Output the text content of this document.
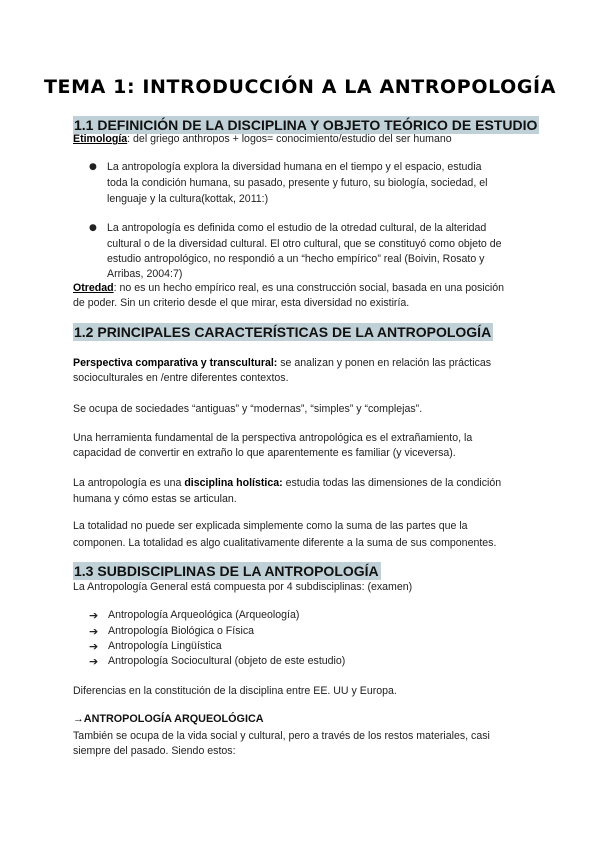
TEMA 1: INTRODUCCIÓN A LA ANTROPOLOGÍA
1.1 DEFINICIÓN DE LA DISCIPLINA Y OBJETO TEÓRICO DE ESTUDIO
Etimología: del griego anthropos + logos= conocimiento/estudio del ser humano
● La antropología explora la diversidad humana en el tiempo y el espacio, estudia
toda la condición humana, su pasado, presente y futuro, su biología, sociedad, el
lenguaje y la cultura(kottak, 2011:)
● La antropología es definida como el estudio de la otredad cultural, de la alteridad
cultural o de la diversidad cultural. El otro cultural, que se constituyó como objeto de
estudio antropológico, no respondió a un “hecho empírico” real (Boivin, Rosato y
Arribas, 2004:7)
Otredad: no es un hecho empírico real, es una construcción social, basada en una posición
de poder. Sin un criterio desde el que mirar, esta diversidad no existiría.
1.2 PRINCIPALES CARACTERÍSTICAS DE LA ANTROPOLOGÍA
Perspectiva comparativa y transcultural: se analizan y ponen en relación las prácticas
socioculturales en /entre diferentes contextos.
Se ocupa de sociedades “antiguas” y “modernas”, “simples” y “complejas”.
Una herramienta fundamental de la perspectiva antropológica es el extrañamiento, la
capacidad de convertir en extraño lo que aparentemente es familiar (y viceversa).
La antropología es una disciplina holística: estudia todas las dimensiones de la condición
humana y cómo estas se articulan.
La totalidad no puede ser explicada simplemente como la suma de las partes que la
componen. La totalidad es algo cualitativamente diferente a la suma de sus componentes.
1.3 SUBDISCIPLINAS DE LA ANTROPOLOGÍA
La Antropología General está compuesta por 4 subdisciplinas: (examen)
➔ Antropología Arqueológica (Arqueología)
➔ Antropología Biológica o Física
➔ Antropología Lingüística
➔ Antropología Sociocultural (objeto de este estudio)
Diferencias en la constitución de la disciplina entre EE. UU y Europa.
→ANTROPOLOGÍA ARQUEOLÓGICA
También se ocupa de la vida social y cultural, pero a través de los restos materiales, casi
siempre del pasado. Siendo estos:
